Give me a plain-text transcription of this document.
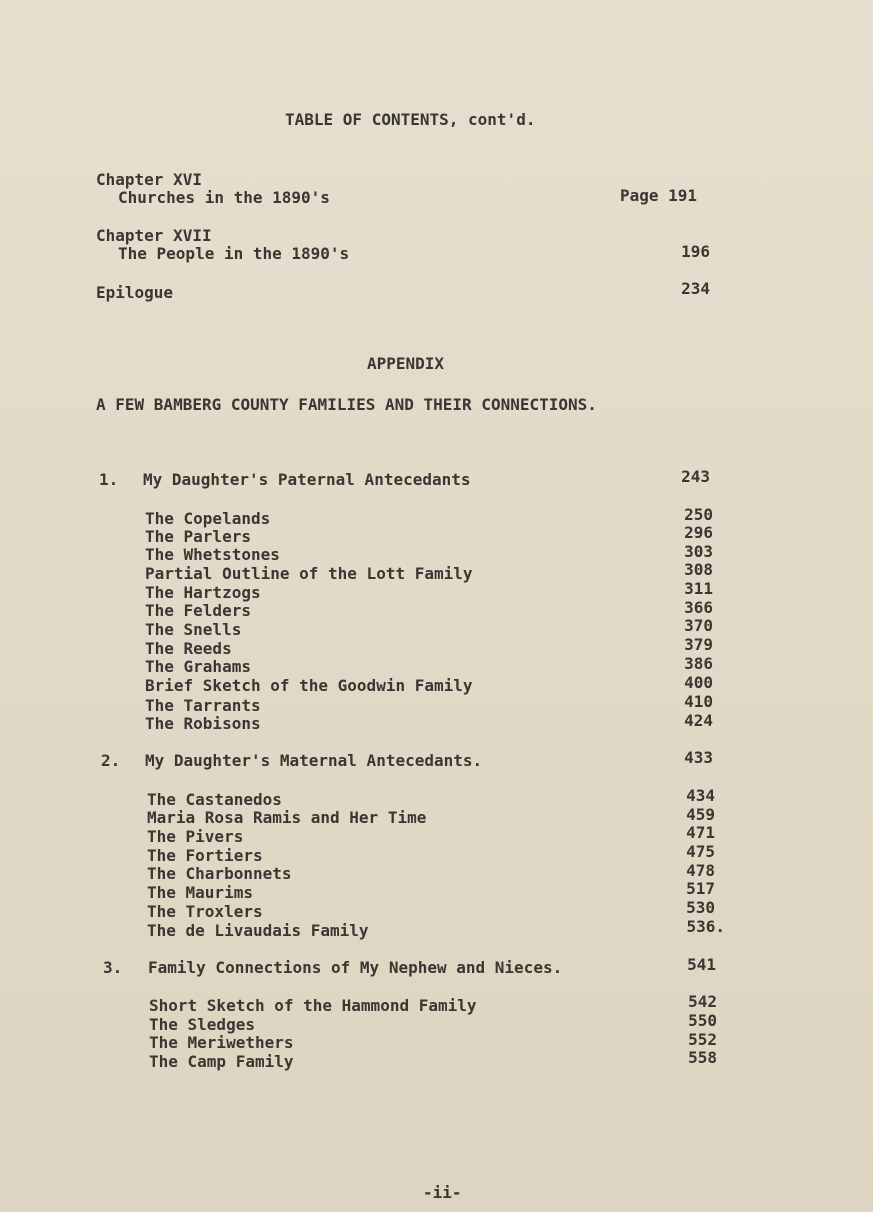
TABLE OF CONTENTS, cont'd.
Chapter XVI
Churches in the 1890's	Page 191
Chapter XVII
The People in the 1890's	196
Epilogue	234
APPENDIX
A FEW BAMBERG COUNTY FAMILIES AND THEIR CONNECTIONS.
1. My Daughter's Paternal Antecedants	243
The Copelands	250
The Parlers	296
The Whetstones	303
Partial Outline of the Lott Family	308
The Hartzogs	311
The Felders	366
The Snells	370
The Reeds	379
The Grahams	386
Brief Sketch of the Goodwin Family	400
The Tarrants	410
The Robisons	424
2. My Daughter's Maternal Antecedants.	433
The Castanedos	434
Maria Rosa Ramis and Her Time	459
The Pivers	471
The Fortiers	475
The Charbonnets	478
The Maurims	517
The Troxlers	530
The de Livaudais Family	536.
3. Family Connections of My Nephew and Nieces.	541
Short Sketch of the Hammond Family	542
The Sledges	550
The Meriwethers	552
The Camp Family	558
-ii-
